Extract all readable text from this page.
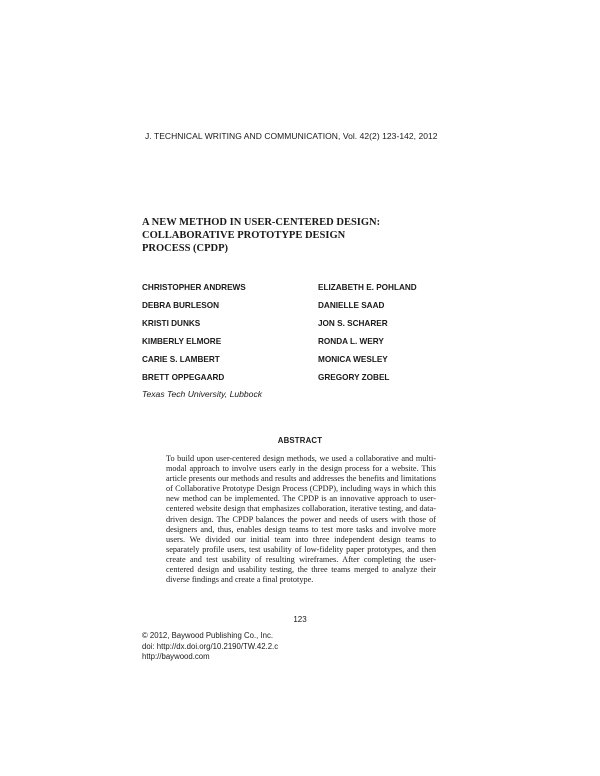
J. TECHNICAL WRITING AND COMMUNICATION, Vol. 42(2) 123-142, 2012
A NEW METHOD IN USER-CENTERED DESIGN:
COLLABORATIVE PROTOTYPE DESIGN
PROCESS (CPDP)
CHRISTOPHER ANDREWS
DEBRA BURLESON
KRISTI DUNKS
KIMBERLY ELMORE
CARIE S. LAMBERT
BRETT OPPEGAARD
ELIZABETH E. POHLAND
DANIELLE SAAD
JON S. SCHARER
RONDA L. WERY
MONICA WESLEY
GREGORY ZOBEL
Texas Tech University, Lubbock
ABSTRACT
To build upon user-centered design methods, we used a collaborative and multi-modal approach to involve users early in the design process for a website. This article presents our methods and results and addresses the benefits and limitations of Collaborative Prototype Design Process (CPDP), including ways in which this new method can be implemented. The CPDP is an innovative approach to user-centered website design that emphasizes collaboration, iterative testing, and data-driven design. The CPDP balances the power and needs of users with those of designers and, thus, enables design teams to test more tasks and involve more users. We divided our initial team into three independent design teams to separately profile users, test usability of low-fidelity paper prototypes, and then create and test usability of resulting wireframes. After completing the user-centered design and usability testing, the three teams merged to analyze their diverse findings and create a final prototype.
123
© 2012, Baywood Publishing Co., Inc.
doi: http://dx.doi.org/10.2190/TW.42.2.c
http://baywood.com
